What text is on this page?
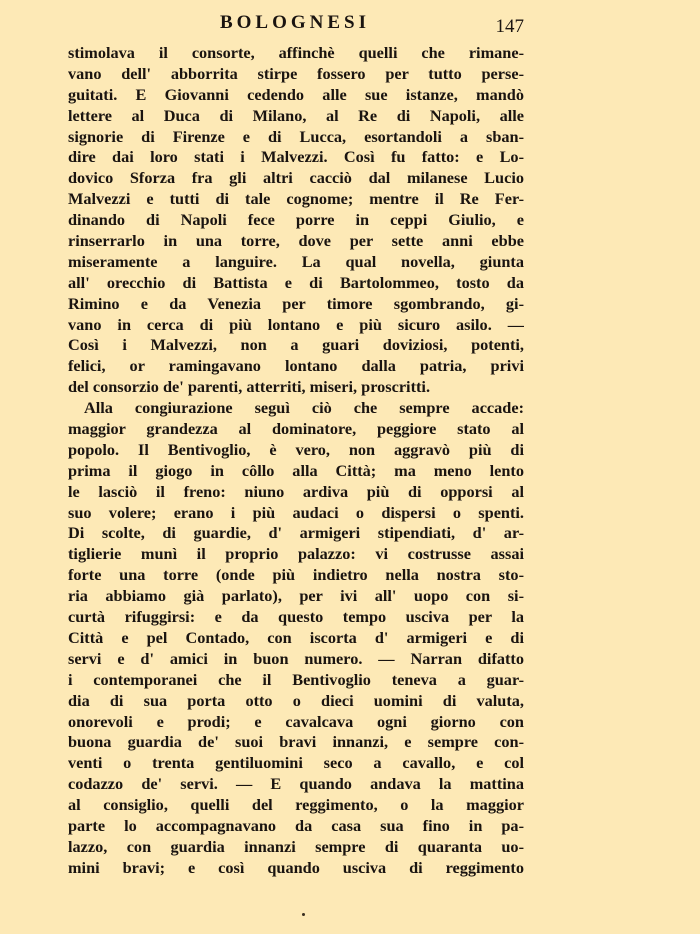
BOLOGNESI	147
stimolava il consorte, affinchè quelli che rimane-
vano dell' abborrita stirpe fossero per tutto perse-
guitati. E Giovanni cedendo alle sue istanze, mandò
lettere al Duca di Milano, al Re di Napoli, alle
signorie di Firenze e di Lucca, esortandoli a sban-
dire dai loro stati i Malvezzi. Così fu fatto: e Lo-
dovico Sforza fra gli altri cacciò dal milanese Lucio
Malvezzi e tutti di tale cognome; mentre il Re Fer-
dinando di Napoli fece porre in ceppi Giulio, e
rinserrarlo in una torre, dove per sette anni ebbe
miseramente a languire. La qual novella, giunta
all' orecchio di Battista e di Bartolommeo, tosto da
Rimino e da Venezia per timore sgombrando, gi-
vano in cerca di più lontano e più sicuro asilo. —
Così i Malvezzi, non a guari doviziosi, potenti,
felici, or ramingavano lontano dalla patria, privi
del consorzio de' parenti, atterriti, miseri, proscritti.
Alla congiurazione seguì ciò che sempre accade:
maggior grandezza al dominatore, peggiore stato al
popolo. Il Bentivoglio, è vero, non aggravò più di
prima il giogo in côllo alla Città; ma meno lento
le lasciò il freno: niuno ardiva più di opporsi al
suo volere; erano i più audaci o dispersi o spenti.
Di scolte, di guardie, d' armigeri stipendiati, d' ar-
tiglierie munì il proprio palazzo: vi costrusse assai
forte una torre (onde più indietro nella nostra sto-
ria abbiamo già parlato), per ivi all' uopo con si-
curtà rifuggirsi: e da questo tempo usciva per la
Città e pel Contado, con iscorta d' armigeri e di
servi e d' amici in buon numero. — Narran difatto
i contemporanei che il Bentivoglio teneva a guar-
dia di sua porta otto o dieci uomini di valuta,
onorevoli e prodi; e cavalcava ogni giorno con
buona guardia de' suoi bravi innanzi, e sempre con-
venti o trenta gentiluomini seco a cavallo, e col
codazzo de' servi. — E quando andava la mattina
al consiglio, quelli del reggimento, o la maggior
parte lo accompagnavano da casa sua fino in pa-
lazzo, con guardia innanzi sempre di quaranta uo-
mini bravi; e così quando usciva di reggimento
